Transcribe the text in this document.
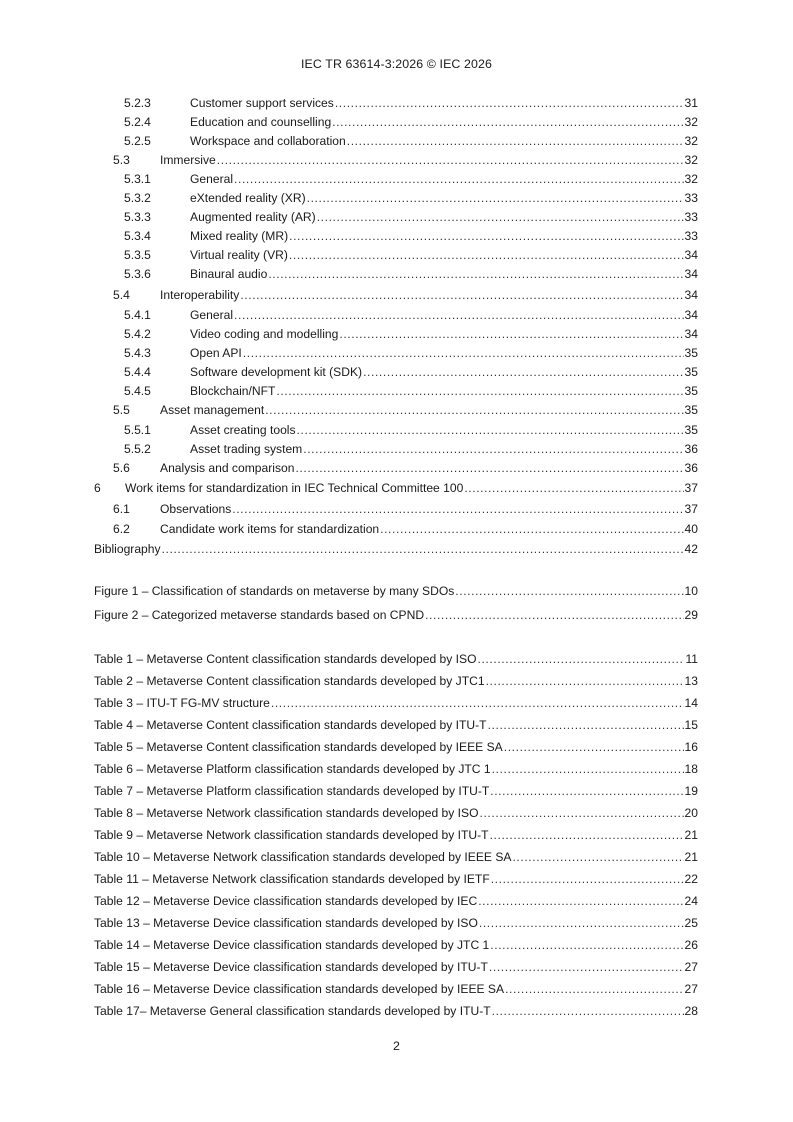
IEC TR 63614-3:2026 © IEC 2026
5.2.3	Customer support services .....	31
5.2.4	Education and counselling .....	32
5.2.5	Workspace and collaboration .....	32
5.3	Immersive .....	32
5.3.1	General .....	32
5.3.2	eXtended reality (XR) .....	33
5.3.3	Augmented reality (AR) .....	33
5.3.4	Mixed reality (MR) .....	33
5.3.5	Virtual reality (VR) .....	34
5.3.6	Binaural audio .....	34
5.4	Interoperability .....	34
5.4.1	General .....	34
5.4.2	Video coding and modelling .....	34
5.4.3	Open API .....	35
5.4.4	Software development kit (SDK) .....	35
5.4.5	Blockchain/NFT .....	35
5.5	Asset management .....	35
5.5.1	Asset creating tools .....	35
5.5.2	Asset trading system .....	36
5.6	Analysis and comparison .....	36
6	Work items for standardization in IEC Technical Committee 100 .....	37
6.1	Observations .....	37
6.2	Candidate work items for standardization .....	40
Bibliography .....	42
Figure 1 – Classification of standards on metaverse by many SDOs .....	10
Figure 2 – Categorized metaverse standards based on CPND .....	29
Table 1 – Metaverse Content classification standards developed by ISO .....	11
Table 2 – Metaverse Content classification standards developed by JTC1 .....	13
Table 3 – ITU-T FG-MV structure .....	14
Table 4 – Metaverse Content classification standards developed by ITU-T .....	15
Table 5 – Metaverse Content classification standards developed by IEEE SA .....	16
Table 6 – Metaverse Platform classification standards developed by JTC 1 .....	18
Table 7 – Metaverse Platform classification standards developed by ITU-T .....	19
Table 8 – Metaverse Network classification standards developed by ISO .....	20
Table 9 – Metaverse Network classification standards developed by ITU-T .....	21
Table 10 – Metaverse Network classification standards developed by IEEE SA .....	21
Table 11 – Metaverse Network classification standards developed by IETF .....	22
Table 12 – Metaverse Device classification standards developed by IEC .....	24
Table 13 – Metaverse Device classification standards developed by ISO .....	25
Table 14 – Metaverse Device classification standards developed by JTC 1 .....	26
Table 15 – Metaverse Device classification standards developed by ITU-T .....	27
Table 16 – Metaverse Device classification standards developed by IEEE SA .....	27
Table 17– Metaverse General classification standards developed by ITU-T .....	28
2
